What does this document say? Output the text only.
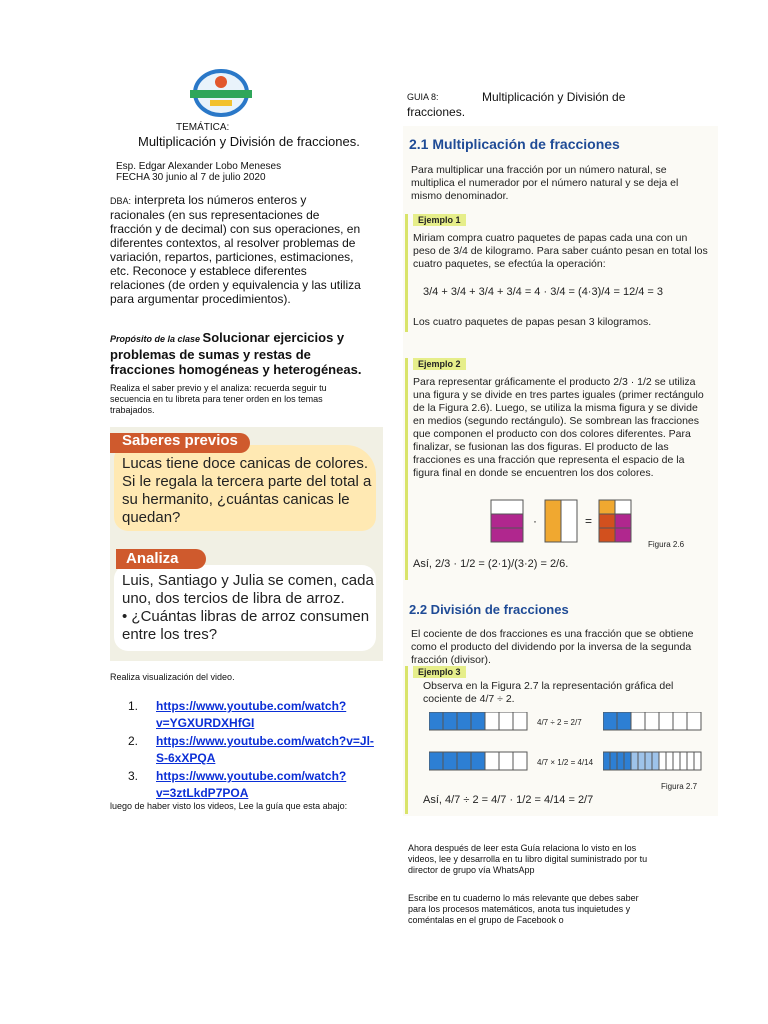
TEMÁTICA:
Multiplicación y División de fracciones.
Esp. Edgar Alexander Lobo Meneses
FECHA 30 junio al 7 de julio 2020
DBA: interpreta los números enteros y racionales (en sus representaciones de fracción y de decimal) con sus operaciones, en diferentes contextos, al resolver problemas de variación, repartos, particiones, estimaciones, etc. Reconoce y establece diferentes relaciones (de orden y equivalencia y las utiliza para argumentar procedimientos).
Propósito de la clase Solucionar ejercicios y problemas de sumas y restas de fracciones homogéneas y heterogéneas.
Realiza el saber previo y el analiza: recuerda seguir tu secuencia en tu libreta para tener orden en los temas trabajados.
Saberes previos
Lucas tiene doce canicas de colores. Si le regala la tercera parte del total a su hermanito, ¿cuántas canicas le quedan?
Analiza
Luis, Santiago y Julia se comen, cada uno, dos tercios de libra de arroz.
• ¿Cuántas libras de arroz consumen entre los tres?
Realiza visualización del video.
1.	https://www.youtube.com/watch?v=YGXURDXHfGI
2.	https://www.youtube.com/watch?v=Jl-S-6xXPQA
3.	https://www.youtube.com/watch?v=3ztLkdP7POA
luego de haber visto los videos, Lee la guía que esta abajo:
GUIA 8:	Multiplicación y División de
fracciones.
2.1 Multiplicación de fracciones
Para multiplicar una fracción por un número natural, se multiplica el numerador por el número natural y se deja el mismo denominador.
Ejemplo 1
Miriam compra cuatro paquetes de papas cada una con un peso de 3/4 de kilogramo. Para saber cuánto pesan en total los cuatro paquetes, se efectúa la operación:
3/4 + 3/4 + 3/4 + 3/4 = 4 · 3/4 = (4·3)/4 = 12/4 = 3
Los cuatro paquetes de papas pesan 3 kilogramos.
Ejemplo 2
Para representar gráficamente el producto 2/3 · 1/2 se utiliza una figura y se divide en tres partes iguales (primer rectángulo de la Figura 2.6). Luego, se utiliza la misma figura y se divide en medios (segundo rectángulo). Se sombrean las fracciones que componen el producto con dos colores diferentes. Para finalizar, se fusionan las dos figuras. El producto de las fracciones es una fracción que representa el espacio de la figura final en donde se encuentren los dos colores.
·	=
Figura 2.6
Así, 2/3 · 1/2 = (2·1)/(3·2) = 2/6.
2.2 División de fracciones
El cociente de dos fracciones es una fracción que se obtiene como el producto del dividendo por la inversa de la segunda fracción (divisor).
Ejemplo 3
Observa en la Figura 2.7 la representación gráfica del cociente de 4/7 ÷ 2.
4/7 ÷ 2 = 2/7
4/7 × 1/2 = 4/14
Figura 2.7
Así, 4/7 ÷ 2 = 4/7 · 1/2 = 4/14 = 2/7
Ahora después de leer esta Guía relaciona lo visto en los videos, lee y desarrolla en tu libro digital suministrado por tu director de grupo vía WhatsApp
Escribe en tu cuaderno lo más relevante que debes saber para los procesos matemáticos, anota tus inquietudes y coméntalas en el grupo de Facebook o
